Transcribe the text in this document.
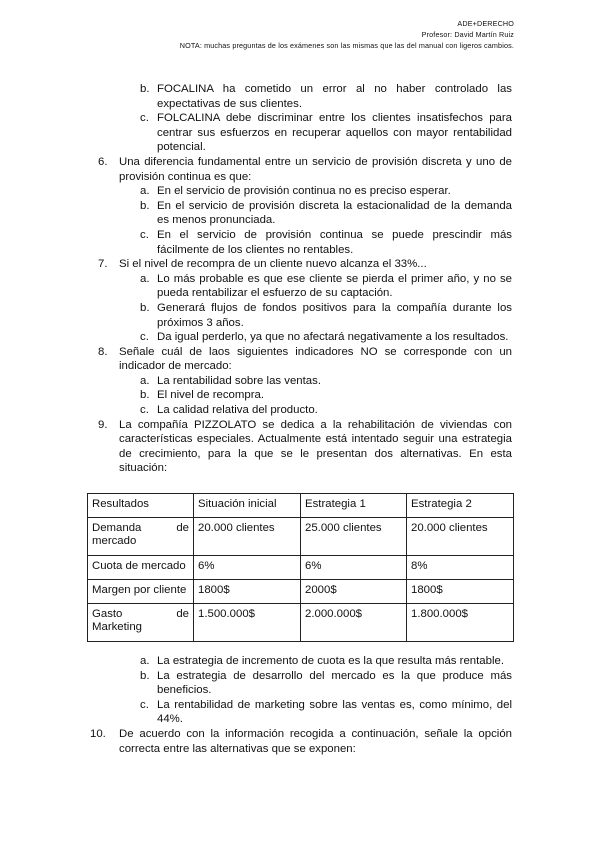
ADE+DERECHO
Profesor: David Martín Ruiz
NOTA: muchas preguntas de los exámenes son las mismas que las del manual con ligeros cambios.
b. FOCALINA ha cometido un error al no haber controlado las expectativas de sus clientes.
c. FOLCALINA debe discriminar entre los clientes insatisfechos para centrar sus esfuerzos en recuperar aquellos con mayor rentabilidad potencial.
6. Una diferencia fundamental entre un servicio de provisión discreta y uno de provisión continua es que:
a. En el servicio de provisión continua no es preciso esperar.
b. En el servicio de provisión discreta la estacionalidad de la demanda es menos pronunciada.
c. En el servicio de provisión continua se puede prescindir más fácilmente de los clientes no rentables.
7. Si el nivel de recompra de un cliente nuevo alcanza el 33%...
a. Lo más probable es que ese cliente se pierda el primer año, y no se pueda rentabilizar el esfuerzo de su captación.
b. Generará flujos de fondos positivos para la compañía durante los próximos 3 años.
c. Da igual perderlo, ya que no afectará negativamente a los resultados.
8. Señale cuál de laos siguientes indicadores NO se corresponde con un indicador de mercado:
a. La rentabilidad sobre las ventas.
b. El nivel de recompra.
c. La calidad relativa del producto.
9. La compañía PIZZOLATO se dedica a la rehabilitación de viviendas con características especiales. Actualmente está intentado seguir una estrategia de crecimiento, para la que se le presentan dos alternativas. En esta situación:
Resultados	Situación inicial	Estrategia 1	Estrategia 2
Demanda de mercado	20.000 clientes	25.000 clientes	20.000 clientes
Cuota de mercado	6%	6%	8%
Margen por cliente	1800$	2000$	1800$
Gasto de Marketing	1.500.000$	2.000.000$	1.800.000$
a. La estrategia de incremento de cuota es la que resulta más rentable.
b. La estrategia de desarrollo del mercado es la que produce más beneficios.
c. La rentabilidad de marketing sobre las ventas es, como mínimo, del 44%.
10. De acuerdo con la información recogida a continuación, señale la opción correcta entre las alternativas que se exponen:
